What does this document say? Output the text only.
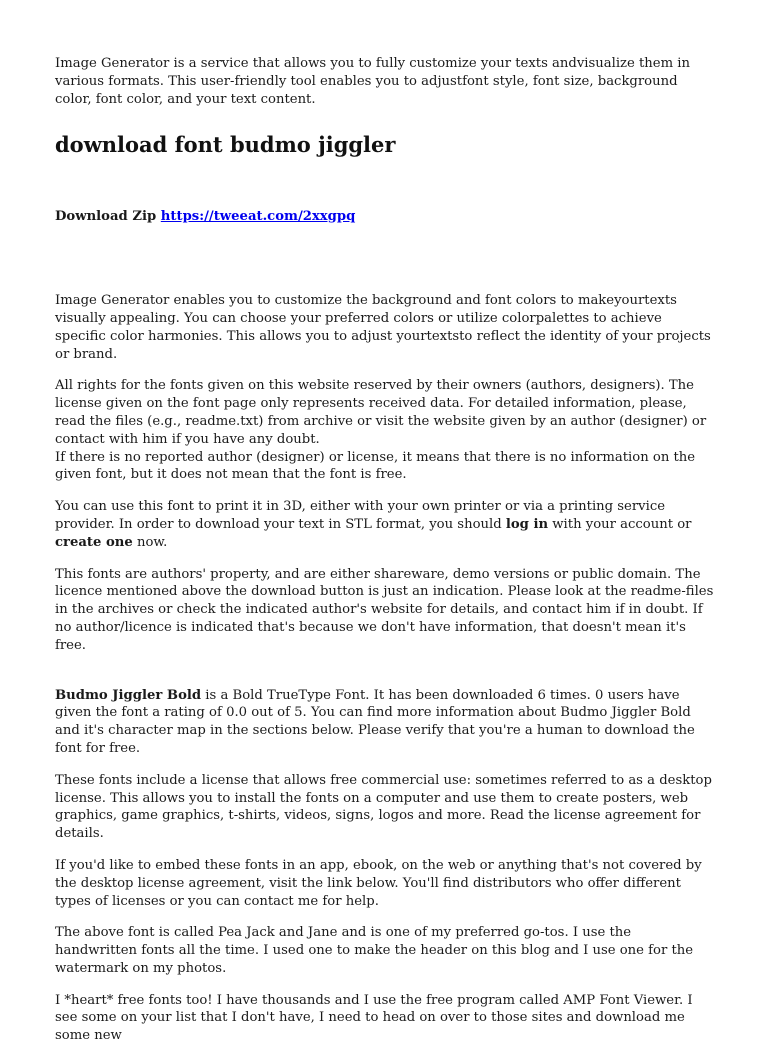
Image Generator is a service that allows you to fully customize your texts andvisualize them in various formats. This user-friendly tool enables you to adjustfont style, font size, background color, font color, and your text content.

download font budmo jiggler

Download Zip https://tweeat.com/2xxgpq

Image Generator enables you to customize the background and font colors to makeyourtexts visually appealing. You can choose your preferred colors or utilize colorpalettes to achieve specific color harmonies. This allows you to adjust yourtextsto reflect the identity of your projects or brand.

All rights for the fonts given on this website reserved by their owners (authors, designers). The license given on the font page only represents received data. For detailed information, please, read the files (e.g., readme.txt) from archive or visit the website given by an author (designer) or contact with him if you have any doubt.
If there is no reported author (designer) or license, it means that there is no information on the given font, but it does not mean that the font is free.

You can use this font to print it in 3D, either with your own printer or via a printing service provider. In order to download your text in STL format, you should log in with your account or create one now.

This fonts are authors' property, and are either shareware, demo versions or public domain. The licence mentioned above the download button is just an indication. Please look at the readme-files in the archives or check the indicated author's website for details, and contact him if in doubt. If no author/licence is indicated that's because we don't have information, that doesn't mean it's free.

Budmo Jiggler Bold is a Bold TrueType Font. It has been downloaded 6 times. 0 users have given the font a rating of 0.0 out of 5. You can find more information about Budmo Jiggler Bold and it's character map in the sections below. Please verify that you're a human to download the font for free.

These fonts include a license that allows free commercial use: sometimes referred to as a desktop license. This allows you to install the fonts on a computer and use them to create posters, web graphics, game graphics, t-shirts, videos, signs, logos and more. Read the license agreement for details.

If you'd like to embed these fonts in an app, ebook, on the web or anything that's not covered by the desktop license agreement, visit the link below. You'll find distributors who offer different types of licenses or you can contact me for help.

The above font is called Pea Jack and Jane and is one of my preferred go-tos. I use the handwritten fonts all the time. I used one to make the header on this blog and I use one for the watermark on my photos.

I *heart* free fonts too! I have thousands and I use the free program called AMP Font Viewer. I see some on your list that I don't have, I need to head on over to those sites and download me some new
